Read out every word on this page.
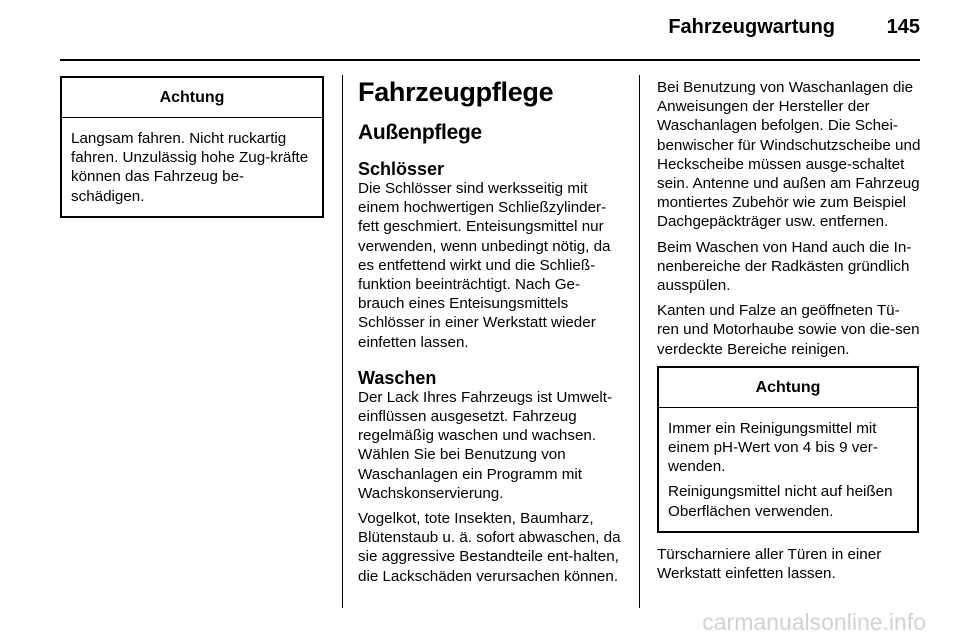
Fahrzeugwartung	145
Achtung

Langsam fahren. Nicht ruckartig fahren. Unzulässig hohe Zug-kräfte können das Fahrzeug be-schädigen.

Fahrzeugpflege
Außenpflege
Schlösser

Die Schlösser sind werksseitig mit einem hochwertigen Schließzylinder-fett geschmiert. Enteisungsmittel nur verwenden, wenn unbedingt nötig, da es entfettend wirkt und die Schließ-funktion beeinträchtigt. Nach Ge-brauch eines Enteisungsmittels Schlösser in einer Werkstatt wieder einfetten lassen.

Waschen

Der Lack Ihres Fahrzeugs ist Umwelt-einflüssen ausgesetzt. Fahrzeug regelmäßig waschen und wachsen. Wählen Sie bei Benutzung von Waschanlagen ein Programm mit Wachskonservierung.

Vogelkot, tote Insekten, Baumharz, Blütenstaub u. ä. sofort abwaschen, da sie aggressive Bestandteile ent-halten, die Lackschäden verursachen können.

Bei Benutzung von Waschanlagen die Anweisungen der Hersteller der Waschanlagen befolgen. Die Schei-benwischer für Windschutzscheibe und Heckscheibe müssen ausge-schaltet sein. Antenne und außen am Fahrzeug montiertes Zubehör wie zum Beispiel Dachgepäckträger usw. entfernen.

Beim Waschen von Hand auch die In-nenbereiche der Radkästen gründlich ausspülen.

Kanten und Falze an geöffneten Tü-ren und Motorhaube sowie von die-sen verdeckte Bereiche reinigen.

Achtung

Immer ein Reinigungsmittel mit einem pH-Wert von 4 bis 9 ver-wenden.

Reinigungsmittel nicht auf heißen Oberflächen verwenden.

Türscharniere aller Türen in einer Werkstatt einfetten lassen.

carmanualsonline.info
